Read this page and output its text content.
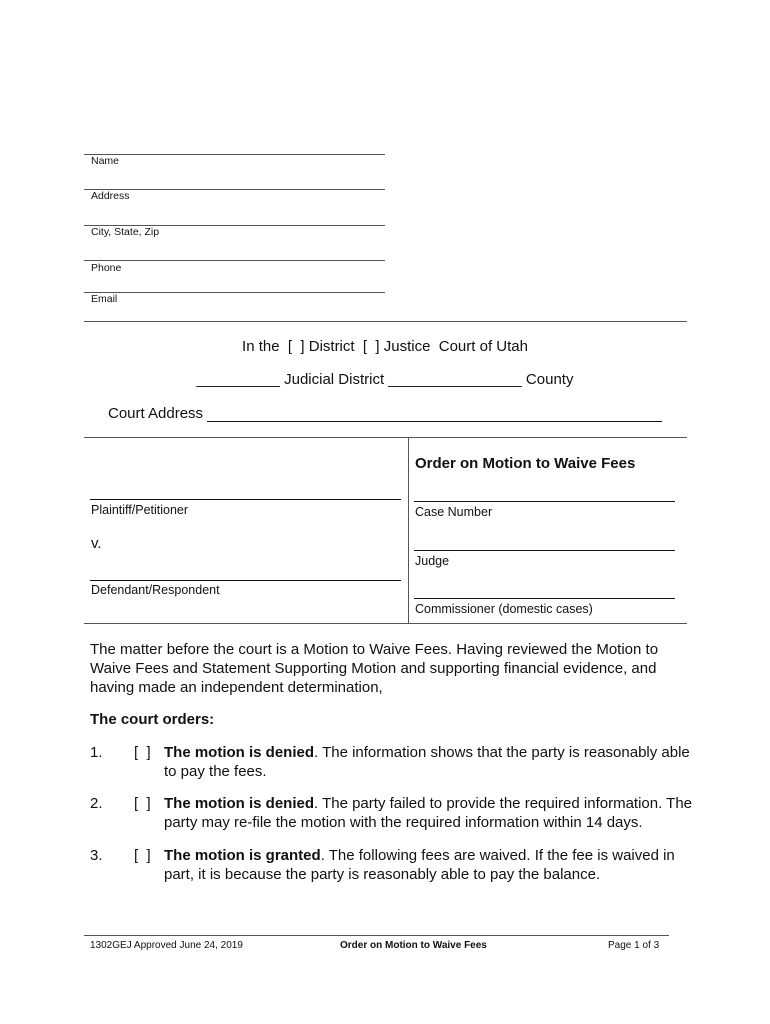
Name
Address
City, State, Zip
Phone
Email
In the  [  ] District  [  ] Justice  Court of Utah
__________ Judicial District ________________ County
Court Address
Plaintiff/Petitioner
v.
Defendant/Respondent
Order on Motion to Waive Fees
Case Number
Judge
Commissioner (domestic cases)
The matter before the court is a Motion to Waive Fees. Having reviewed the Motion to Waive Fees and Statement Supporting Motion and supporting financial evidence, and having made an independent determination,
The court orders:
1. [  ] The motion is denied. The information shows that the party is reasonably able to pay the fees.
2. [  ] The motion is denied. The party failed to provide the required information. The party may re-file the motion with the required information within 14 days.
3. [  ] The motion is granted. The following fees are waived. If the fee is waived in part, it is because the party is reasonably able to pay the balance.
1302GEJ Approved June 24, 2019	Order on Motion to Waive Fees	Page 1 of 3
